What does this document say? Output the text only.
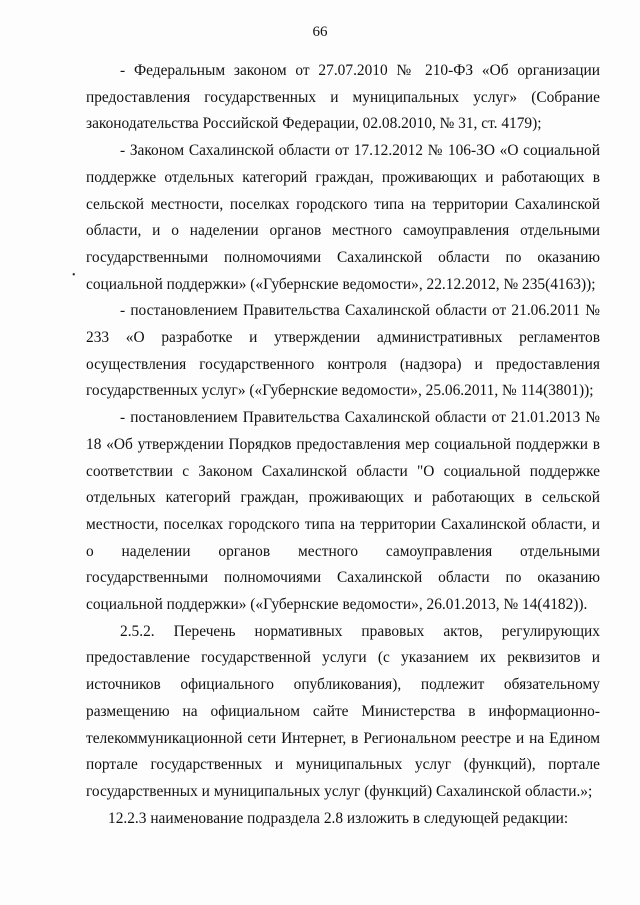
66
•

- Федеральным законом от 27.07.2010 № 210-ФЗ «Об организации предоставления государственных и муниципальных услуг» (Собрание законодательства Российской Федерации, 02.08.2010, № 31, ст. 4179);

- Законом Сахалинской области от 17.12.2012 № 106-ЗО «О социальной поддержке отдельных категорий граждан, проживающих и работающих в сельской местности, поселках городского типа на территории Сахалинской области, и о наделении органов местного самоуправления отдельными государственными полномочиями Сахалинской области по оказанию социальной поддержки» («Губернские ведомости», 22.12.2012, № 235(4163));

- постановлением Правительства Сахалинской области от 21.06.2011 № 233 «О разработке и утверждении административных регламентов осуществления государственного контроля (надзора) и предоставления государственных услуг» («Губернские ведомости», 25.06.2011, № 114(3801));

- постановлением Правительства Сахалинской области от 21.01.2013 № 18 «Об утверждении Порядков предоставления мер социальной поддержки в соответствии с Законом Сахалинской области "О социальной поддержке отдельных категорий граждан, проживающих и работающих в сельской местности, поселках городского типа на территории Сахалинской области, и о наделении органов местного самоуправления отдельными государственными полномочиями Сахалинской области по оказанию социальной поддержки» («Губернские ведомости», 26.01.2013, № 14(4182)).

2.5.2. Перечень нормативных правовых актов, регулирующих предоставление государственной услуги (с указанием их реквизитов и источников официального опубликования), подлежит обязательному размещению на официальном сайте Министерства в информационно-телекоммуникационной сети Интернет, в Региональном реестре и на Едином портале государственных и муниципальных услуг (функций), портале государственных и муниципальных услуг (функций) Сахалинской области.»;

12.2.3 наименование подраздела 2.8 изложить в следующей редакции:
